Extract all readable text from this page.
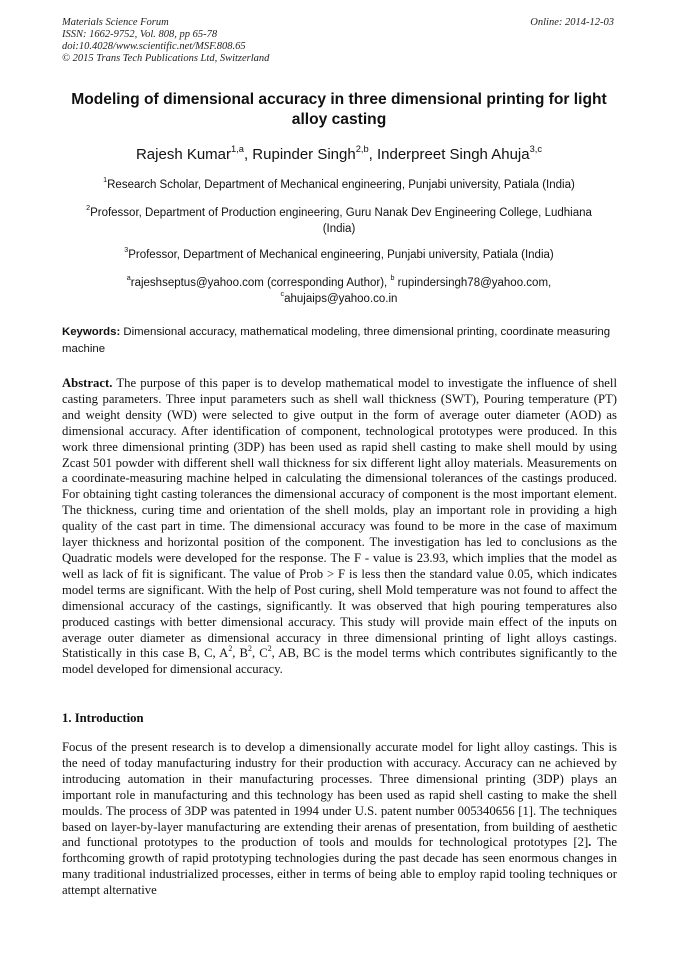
Materials Science Forum
ISSN: 1662-9752, Vol. 808, pp 65-78
doi:10.4028/www.scientific.net/MSF.808.65
© 2015 Trans Tech Publications Ltd, Switzerland
Online: 2014-12-03
Modeling of dimensional accuracy in three dimensional printing for light alloy casting
Rajesh Kumar$^{1,a}$, Rupinder Singh$^{2,b}$, Inderpreet Singh Ahuja$^{3,c}$
$^1$Research Scholar, Department of Mechanical engineering, Punjabi university, Patiala (India)
$^2$Professor, Department of Production engineering, Guru Nanak Dev Engineering College, Ludhiana (India)
$^3$Professor, Department of Mechanical engineering, Punjabi university, Patiala (India)
$^a$rajeshseptus@yahoo.com (corresponding Author), $^b$ rupindersingh78@yahoo.com,
$^c$ahujaips@yahoo.co.in
Keywords: Dimensional accuracy, mathematical modeling, three dimensional printing, coordinate measuring machine
Abstract. The purpose of this paper is to develop mathematical model to investigate the influence of shell casting parameters. Three input parameters such as shell wall thickness (SWT), Pouring temperature (PT) and weight density (WD) were selected to give output in the form of average outer diameter (AOD) as dimensional accuracy. After identification of component, technological prototypes were produced. In this work three dimensional printing (3DP) has been used as rapid shell casting to make shell mould by using Zcast 501 powder with different shell wall thickness for six different light alloy materials. Measurements on a coordinate-measuring machine helped in calculating the dimensional tolerances of the castings produced. For obtaining tight casting tolerances the dimensional accuracy of component is the most important element. The thickness, curing time and orientation of the shell molds, play an important role in providing a high quality of the cast part in time. The dimensional accuracy was found to be more in the case of maximum layer thickness and horizontal position of the component. The investigation has led to conclusions as the Quadratic models were developed for the response. The F - value is 23.93, which implies that the model as well as lack of fit is significant. The value of Prob > F is less then the standard value 0.05, which indicates model terms are significant. With the help of Post curing, shell Mold temperature was not found to affect the dimensional accuracy of the castings, significantly. It was observed that high pouring temperatures also produced castings with better dimensional accuracy. This study will provide main effect of the inputs on average outer diameter as dimensional accuracy in three dimensional printing of light alloys castings. Statistically in this case B, C, $A^2$, $B^2$, $C^2$, AB, BC is the model terms which contributes significantly to the model developed for dimensional accuracy.
1. Introduction
Focus of the present research is to develop a dimensionally accurate model for light alloy castings. This is the need of today manufacturing industry for their production with accuracy. Accuracy can ne achieved by introducing automation in their manufacturing processes. Three dimensional printing (3DP) plays an important role in manufacturing and this technology has been used as rapid shell casting to make the shell moulds. The process of 3DP was patented in 1994 under U.S. patent number 005340656 [1]. The techniques based on layer-by-layer manufacturing are extending their arenas of presentation, from building of aesthetic and functional prototypes to the production of tools and moulds for technological prototypes [2]. The forthcoming growth of rapid prototyping technologies during the past decade has seen enormous changes in many traditional industrialized processes, either in terms of being able to employ rapid tooling techniques or attempt alternative
